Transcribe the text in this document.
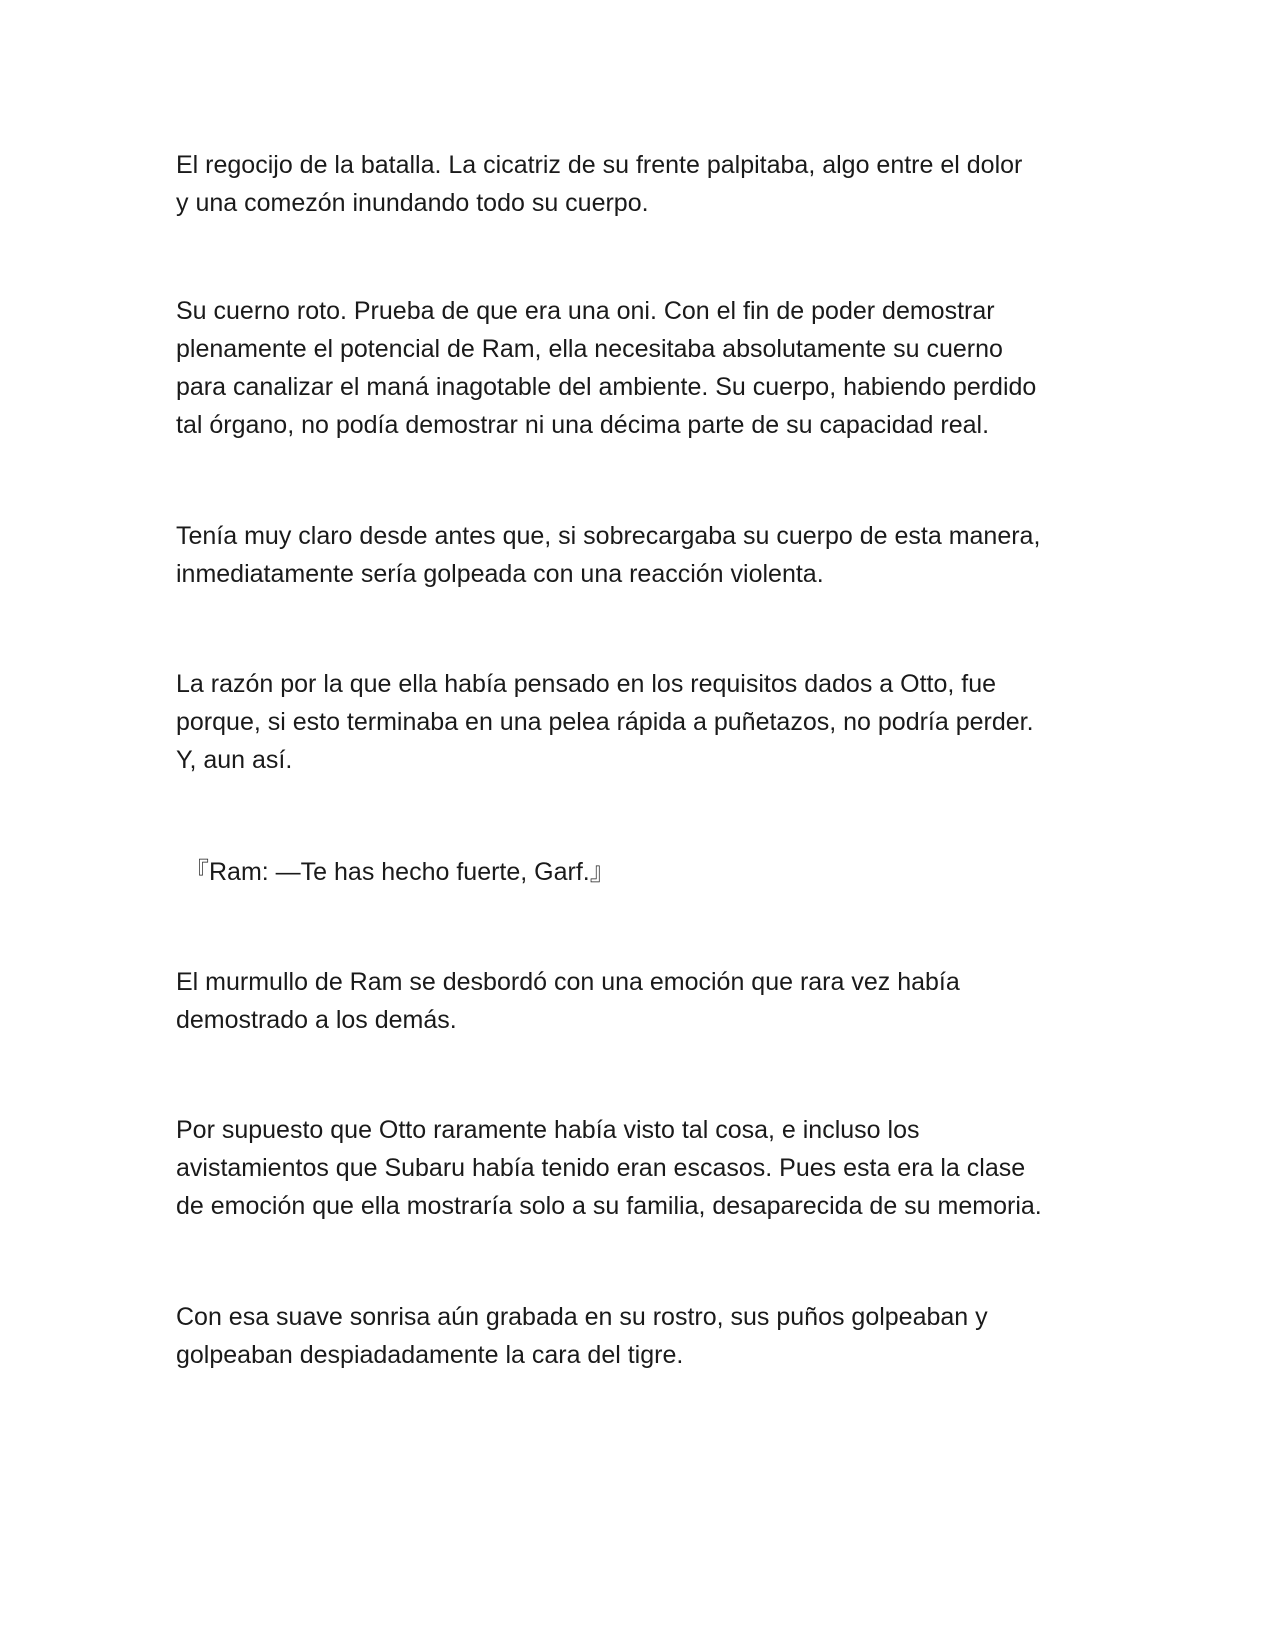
El regocijo de la batalla. La cicatriz de su frente palpitaba, algo entre el dolor
y una comezón inundando todo su cuerpo.

Su cuerno roto. Prueba de que era una oni. Con el fin de poder demostrar
plenamente el potencial de Ram, ella necesitaba absolutamente su cuerno
para canalizar el maná inagotable del ambiente. Su cuerpo, habiendo perdido
tal órgano, no podía demostrar ni una décima parte de su capacidad real.

Tenía muy claro desde antes que, si sobrecargaba su cuerpo de esta manera,
inmediatamente sería golpeada con una reacción violenta.

La razón por la que ella había pensado en los requisitos dados a Otto, fue
porque, si esto terminaba en una pelea rápida a puñetazos, no podría perder.
Y, aun así.

『Ram: —Te has hecho fuerte, Garf.』

El murmullo de Ram se desbordó con una emoción que rara vez había
demostrado a los demás.

Por supuesto que Otto raramente había visto tal cosa, e incluso los
avistamientos que Subaru había tenido eran escasos. Pues esta era la clase
de emoción que ella mostraría solo a su familia, desaparecida de su memoria.

Con esa suave sonrisa aún grabada en su rostro, sus puños golpeaban y
golpeaban despiadadamente la cara del tigre.
